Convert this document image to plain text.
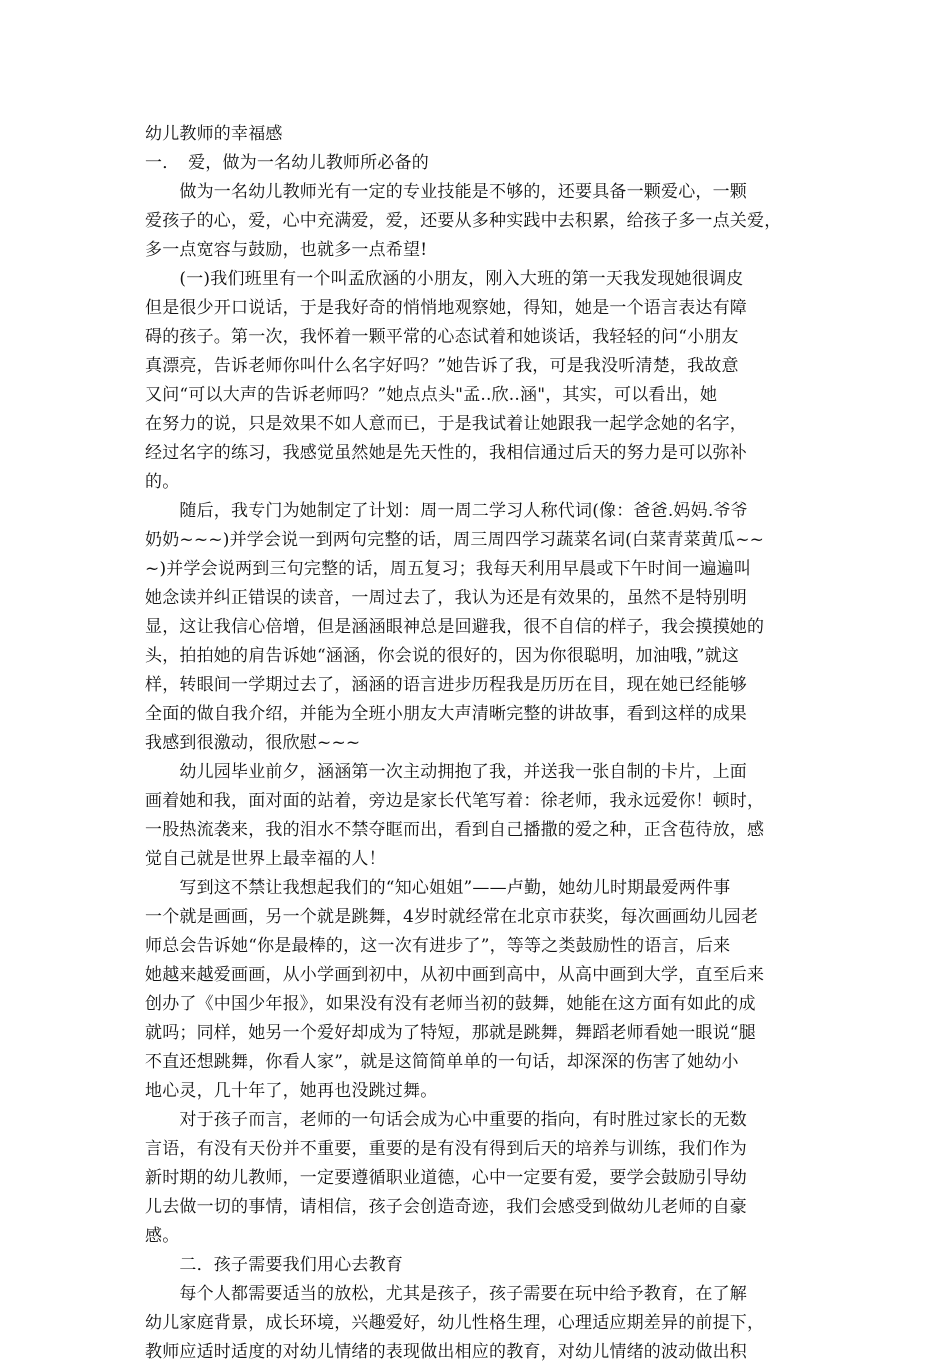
幼儿教师的幸福感
一．　爱，做为一名幼儿教师所必备的
　　做为一名幼儿教师光有一定的专业技能是不够的，还要具备一颗爱心，一颗
爱孩子的心，爱，心中充满爱，爱，还要从多种实践中去积累，给孩子多一点关爱，
多一点宽容与鼓励，也就多一点希望!
　　(一)我们班里有一个叫孟欣涵的小朋友，刚入大班的第一天我发现她很调皮
但是很少开口说话，于是我好奇的悄悄地观察她，得知，她是一个语言表达有障
碍的孩子。第一次，我怀着一颗平常的心态试着和她谈话，我轻轻的问“小朋友
真漂亮，告诉老师你叫什么名字好吗？”她告诉了我，可是我没听清楚，我故意
又问“可以大声的告诉老师吗？”她点点头"孟..欣..涵"，其实，可以看出，她
在努力的说，只是效果不如人意而已，于是我试着让她跟我一起学念她的名字，
经过名字的练习，我感觉虽然她是先天性的，我相信通过后天的努力是可以弥补
的。
　　随后，我专门为她制定了计划：周一周二学习人称代词(像：爸爸.妈妈.爷爷
奶奶~~~)并学会说一到两句完整的话，周三周四学习蔬菜名词(白菜青菜黄瓜~~
~)并学会说两到三句完整的话，周五复习；我每天利用早晨或下午时间一遍遍叫
她念读并纠正错误的读音，一周过去了，我认为还是有效果的，虽然不是特别明
显，这让我信心倍增，但是涵涵眼神总是回避我，很不自信的样子，我会摸摸她的
头，拍拍她的肩告诉她“涵涵，你会说的很好的，因为你很聪明，加油哦，”就这
样，转眼间一学期过去了，涵涵的语言进步历程我是历历在目，现在她已经能够
全面的做自我介绍，并能为全班小朋友大声清晰完整的讲故事，看到这样的成果
我感到很激动，很欣慰~~~
　　幼儿园毕业前夕，涵涵第一次主动拥抱了我，并送我一张自制的卡片，上面
画着她和我，面对面的站着，旁边是家长代笔写着：徐老师，我永远爱你！顿时，
一股热流袭来，我的泪水不禁夺眶而出，看到自己播撒的爱之种，正含苞待放，感
觉自己就是世界上最幸福的人！
　　写到这不禁让我想起我们的“知心姐姐”——卢勤，她幼儿时期最爱两件事
一个就是画画，另一个就是跳舞，4岁时就经常在北京市获奖，每次画画幼儿园老
师总会告诉她“你是最棒的，这一次有进步了”，等等之类鼓励性的语言，后来
她越来越爱画画，从小学画到初中，从初中画到高中，从高中画到大学，直至后来
创办了《中国少年报》，如果没有没有老师当初的鼓舞，她能在这方面有如此的成
就吗；同样，她另一个爱好却成为了特短，那就是跳舞，舞蹈老师看她一眼说“腿
不直还想跳舞，你看人家”，就是这简简单单的一句话，却深深的伤害了她幼小
地心灵，几十年了，她再也没跳过舞。
　　对于孩子而言，老师的一句话会成为心中重要的指向，有时胜过家长的无数
言语，有没有天份并不重要，重要的是有没有得到后天的培养与训练，我们作为
新时期的幼儿教师，一定要遵循职业道德，心中一定要有爱，要学会鼓励引导幼
儿去做一切的事情，请相信，孩子会创造奇迹，我们会感受到做幼儿老师的自豪
感。
　　二．孩子需要我们用心去教育
　　每个人都需要适当的放松，尤其是孩子，孩子需要在玩中给予教育，在了解
幼儿家庭背景，成长环境，兴趣爱好，幼儿性格生理，心理适应期差异的前提下，
教师应适时适度的对幼儿情绪的表现做出相应的教育，对幼儿情绪的波动做出积
